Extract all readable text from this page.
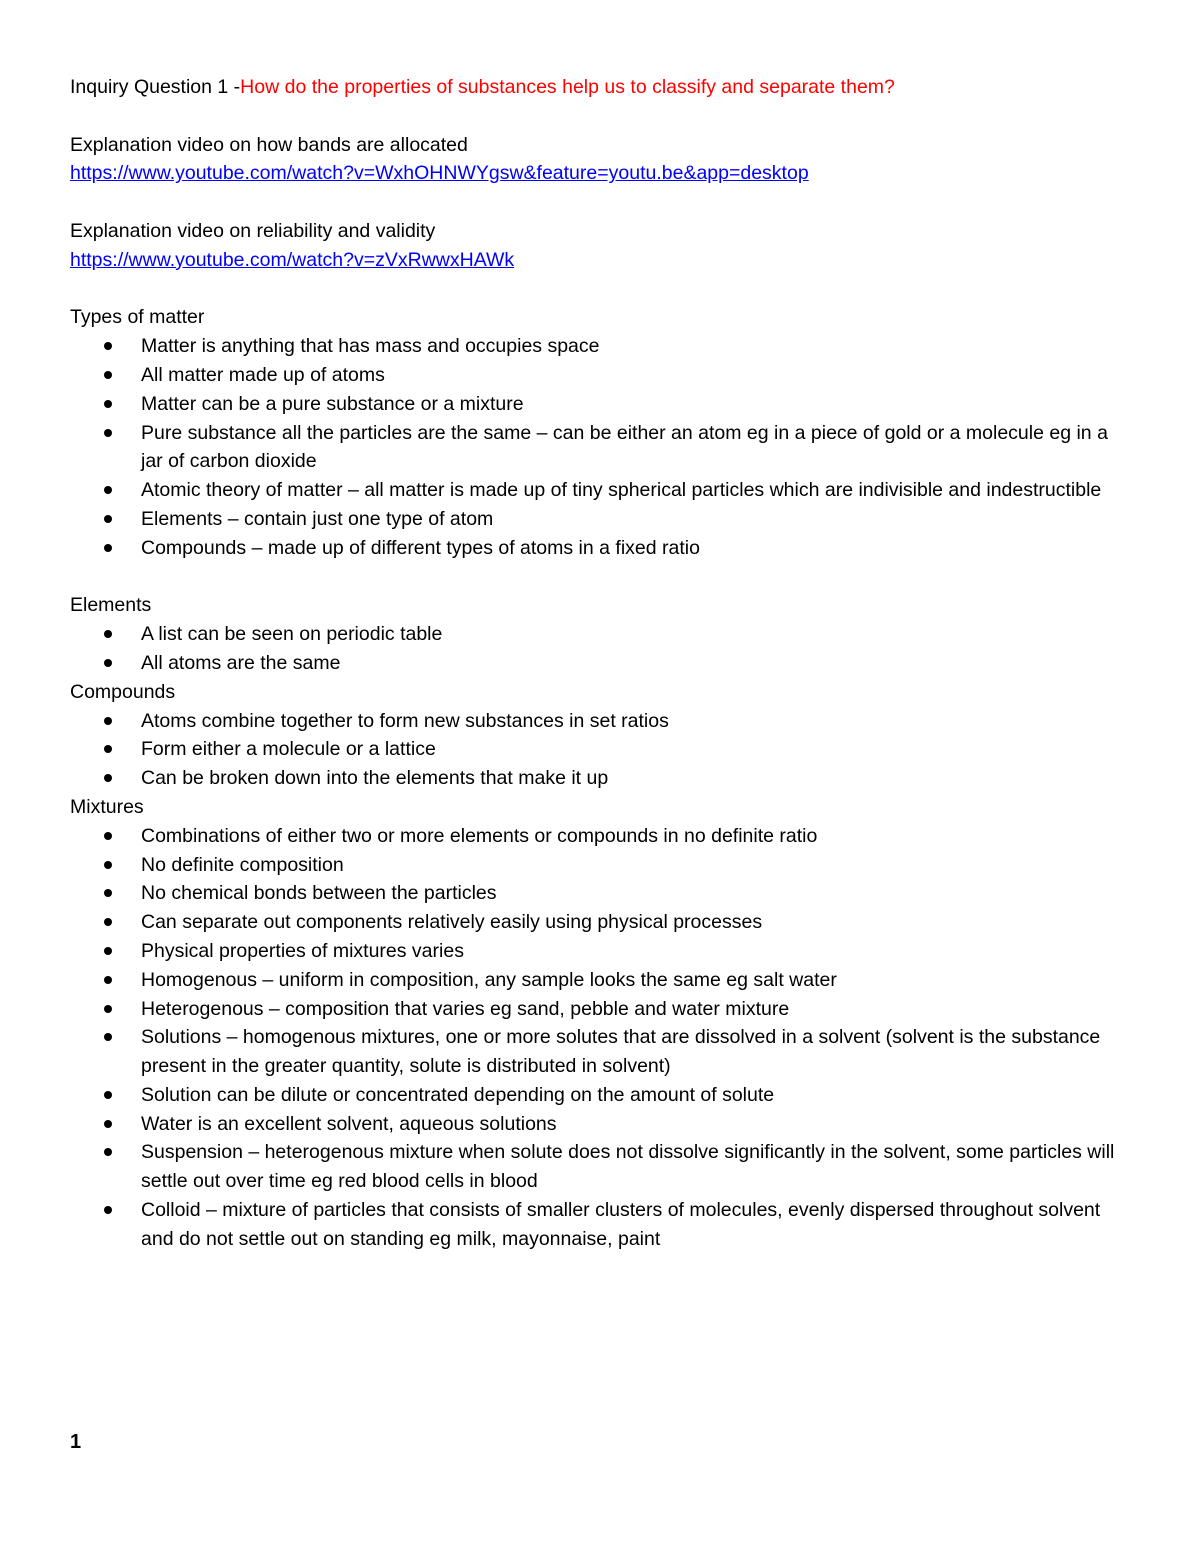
Inquiry Question 1 -How do the properties of substances help us to classify and separate them?

Explanation video on how bands are allocated

https://www.youtube.com/watch?v=WxhOHNWYgsw&feature=youtu.be&app=desktop

Explanation video on reliability and validity

https://www.youtube.com/watch?v=zVxRwwxHAWk

Types of matter

Matter is anything that has mass and occupies space
All matter made up of atoms
Matter can be a pure substance or a mixture
Pure substance all the particles are the same – can be either an atom eg in a piece of gold or a molecule eg in a jar of carbon dioxide
Atomic theory of matter – all matter is made up of tiny spherical particles which are indivisible and indestructible
Elements – contain just one type of atom
Compounds – made up of different types of atoms in a fixed ratio

Elements

A list can be seen on periodic table
All atoms are the same

Compounds

Atoms combine together to form new substances in set ratios
Form either a molecule or a lattice
Can be broken down into the elements that make it up

Mixtures

Combinations of either two or more elements or compounds in no definite ratio
No definite composition
No chemical bonds between the particles
Can separate out components relatively easily using physical processes
Physical properties of mixtures varies
Homogenous – uniform in composition, any sample looks the same eg salt water
Heterogenous – composition that varies eg sand, pebble and water mixture
Solutions – homogenous mixtures, one or more solutes that are dissolved in a solvent (solvent is the substance present in the greater quantity, solute is distributed in solvent)
Solution can be dilute or concentrated depending on the amount of solute
Water is an excellent solvent, aqueous solutions
Suspension – heterogenous mixture when solute does not dissolve significantly in the solvent, some particles will settle out over time eg red blood cells in blood
Colloid – mixture of particles that consists of smaller clusters of molecules, evenly dispersed throughout solvent and do not settle out on standing eg milk, mayonnaise, paint
1
